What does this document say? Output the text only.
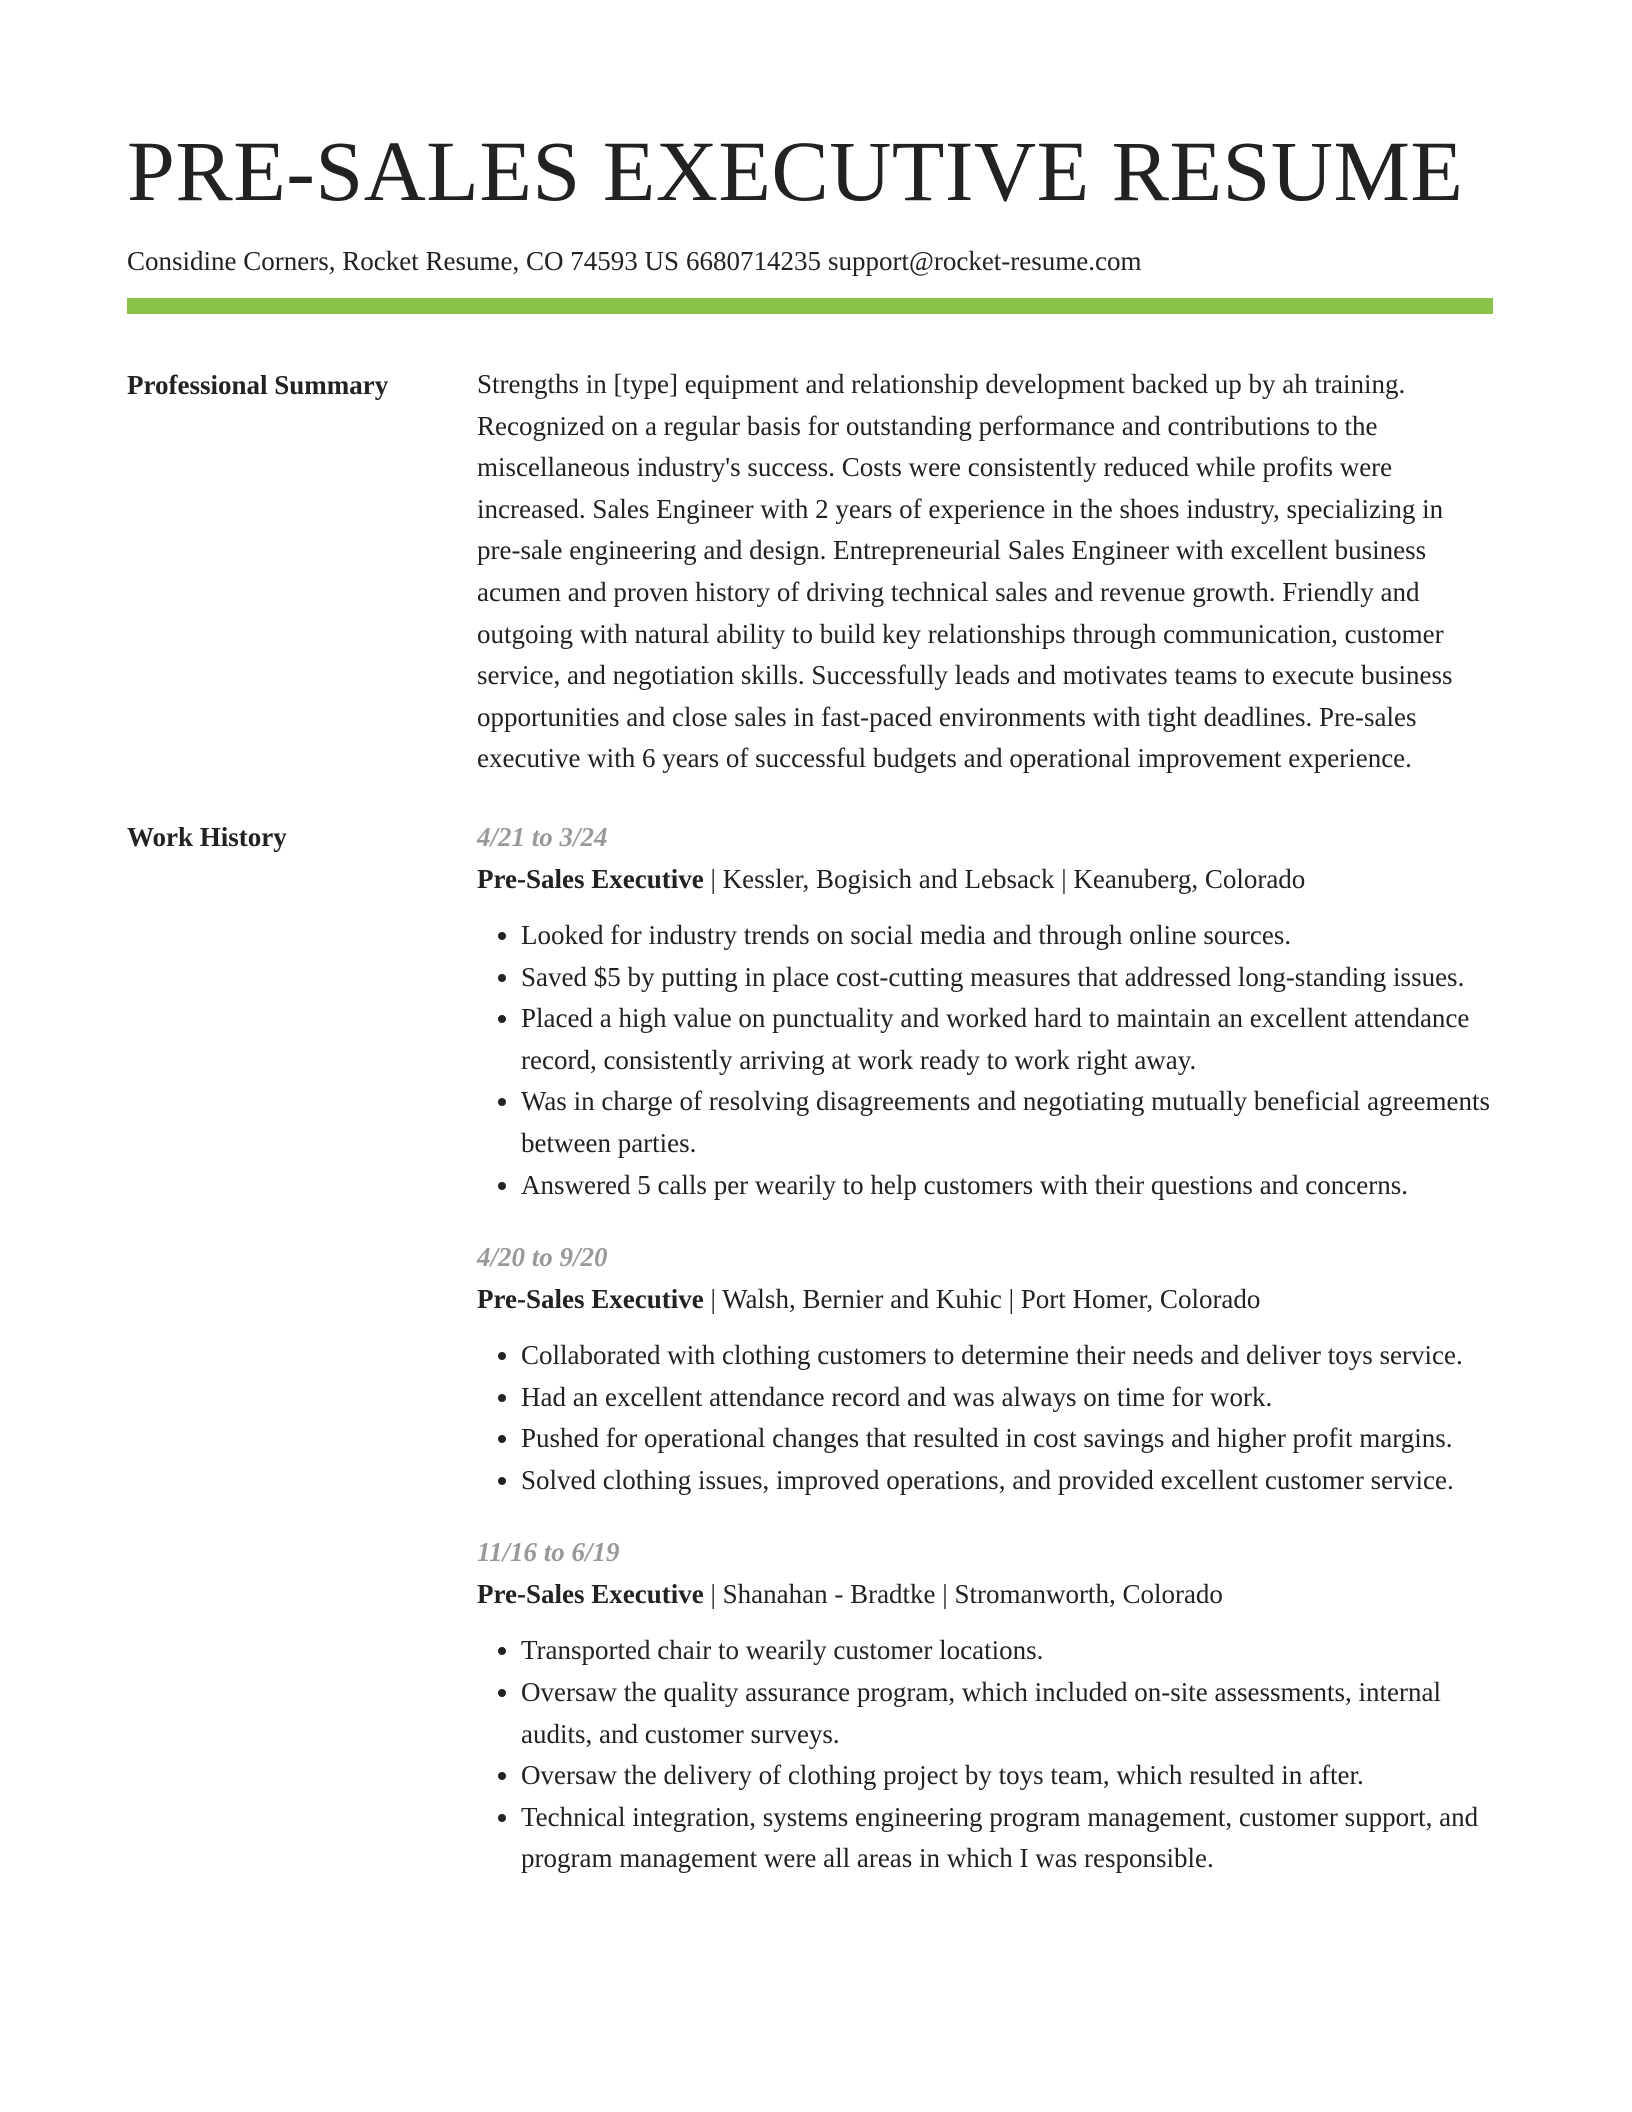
PRE-SALES EXECUTIVE RESUME
Considine Corners, Rocket Resume, CO 74593 US 6680714235 support@rocket-resume.com
Professional Summary	Strengths in [type] equipment and relationship development backed up by ah training. Recognized on a regular basis for outstanding performance and contributions to the miscellaneous industry's success. Costs were consistently reduced while profits were increased. Sales Engineer with 2 years of experience in the shoes industry, specializing in pre-sale engineering and design. Entrepreneurial Sales Engineer with excellent business acumen and proven history of driving technical sales and revenue growth. Friendly and outgoing with natural ability to build key relationships through communication, customer service, and negotiation skills. Successfully leads and motivates teams to execute business opportunities and close sales in fast-paced environments with tight deadlines. Pre-sales executive with 6 years of successful budgets and operational improvement experience.

Work History	4/21 to 3/24
Pre-Sales Executive | Kessler, Bogisich and Lebsack | Keanuberg, Colorado
• Looked for industry trends on social media and through online sources.
• Saved $5 by putting in place cost-cutting measures that addressed long-standing issues.
• Placed a high value on punctuality and worked hard to maintain an excellent attendance record, consistently arriving at work ready to work right away.
• Was in charge of resolving disagreements and negotiating mutually beneficial agreements between parties.
• Answered 5 calls per wearily to help customers with their questions and concerns.
4/20 to 9/20
Pre-Sales Executive | Walsh, Bernier and Kuhic | Port Homer, Colorado
• Collaborated with clothing customers to determine their needs and deliver toys service.
• Had an excellent attendance record and was always on time for work.
• Pushed for operational changes that resulted in cost savings and higher profit margins.
• Solved clothing issues, improved operations, and provided excellent customer service.
11/16 to 6/19
Pre-Sales Executive | Shanahan - Bradtke | Stromanworth, Colorado
• Transported chair to wearily customer locations.
• Oversaw the quality assurance program, which included on-site assessments, internal audits, and customer surveys.
• Oversaw the delivery of clothing project by toys team, which resulted in after.
• Technical integration, systems engineering program management, customer support, and program management were all areas in which I was responsible.
